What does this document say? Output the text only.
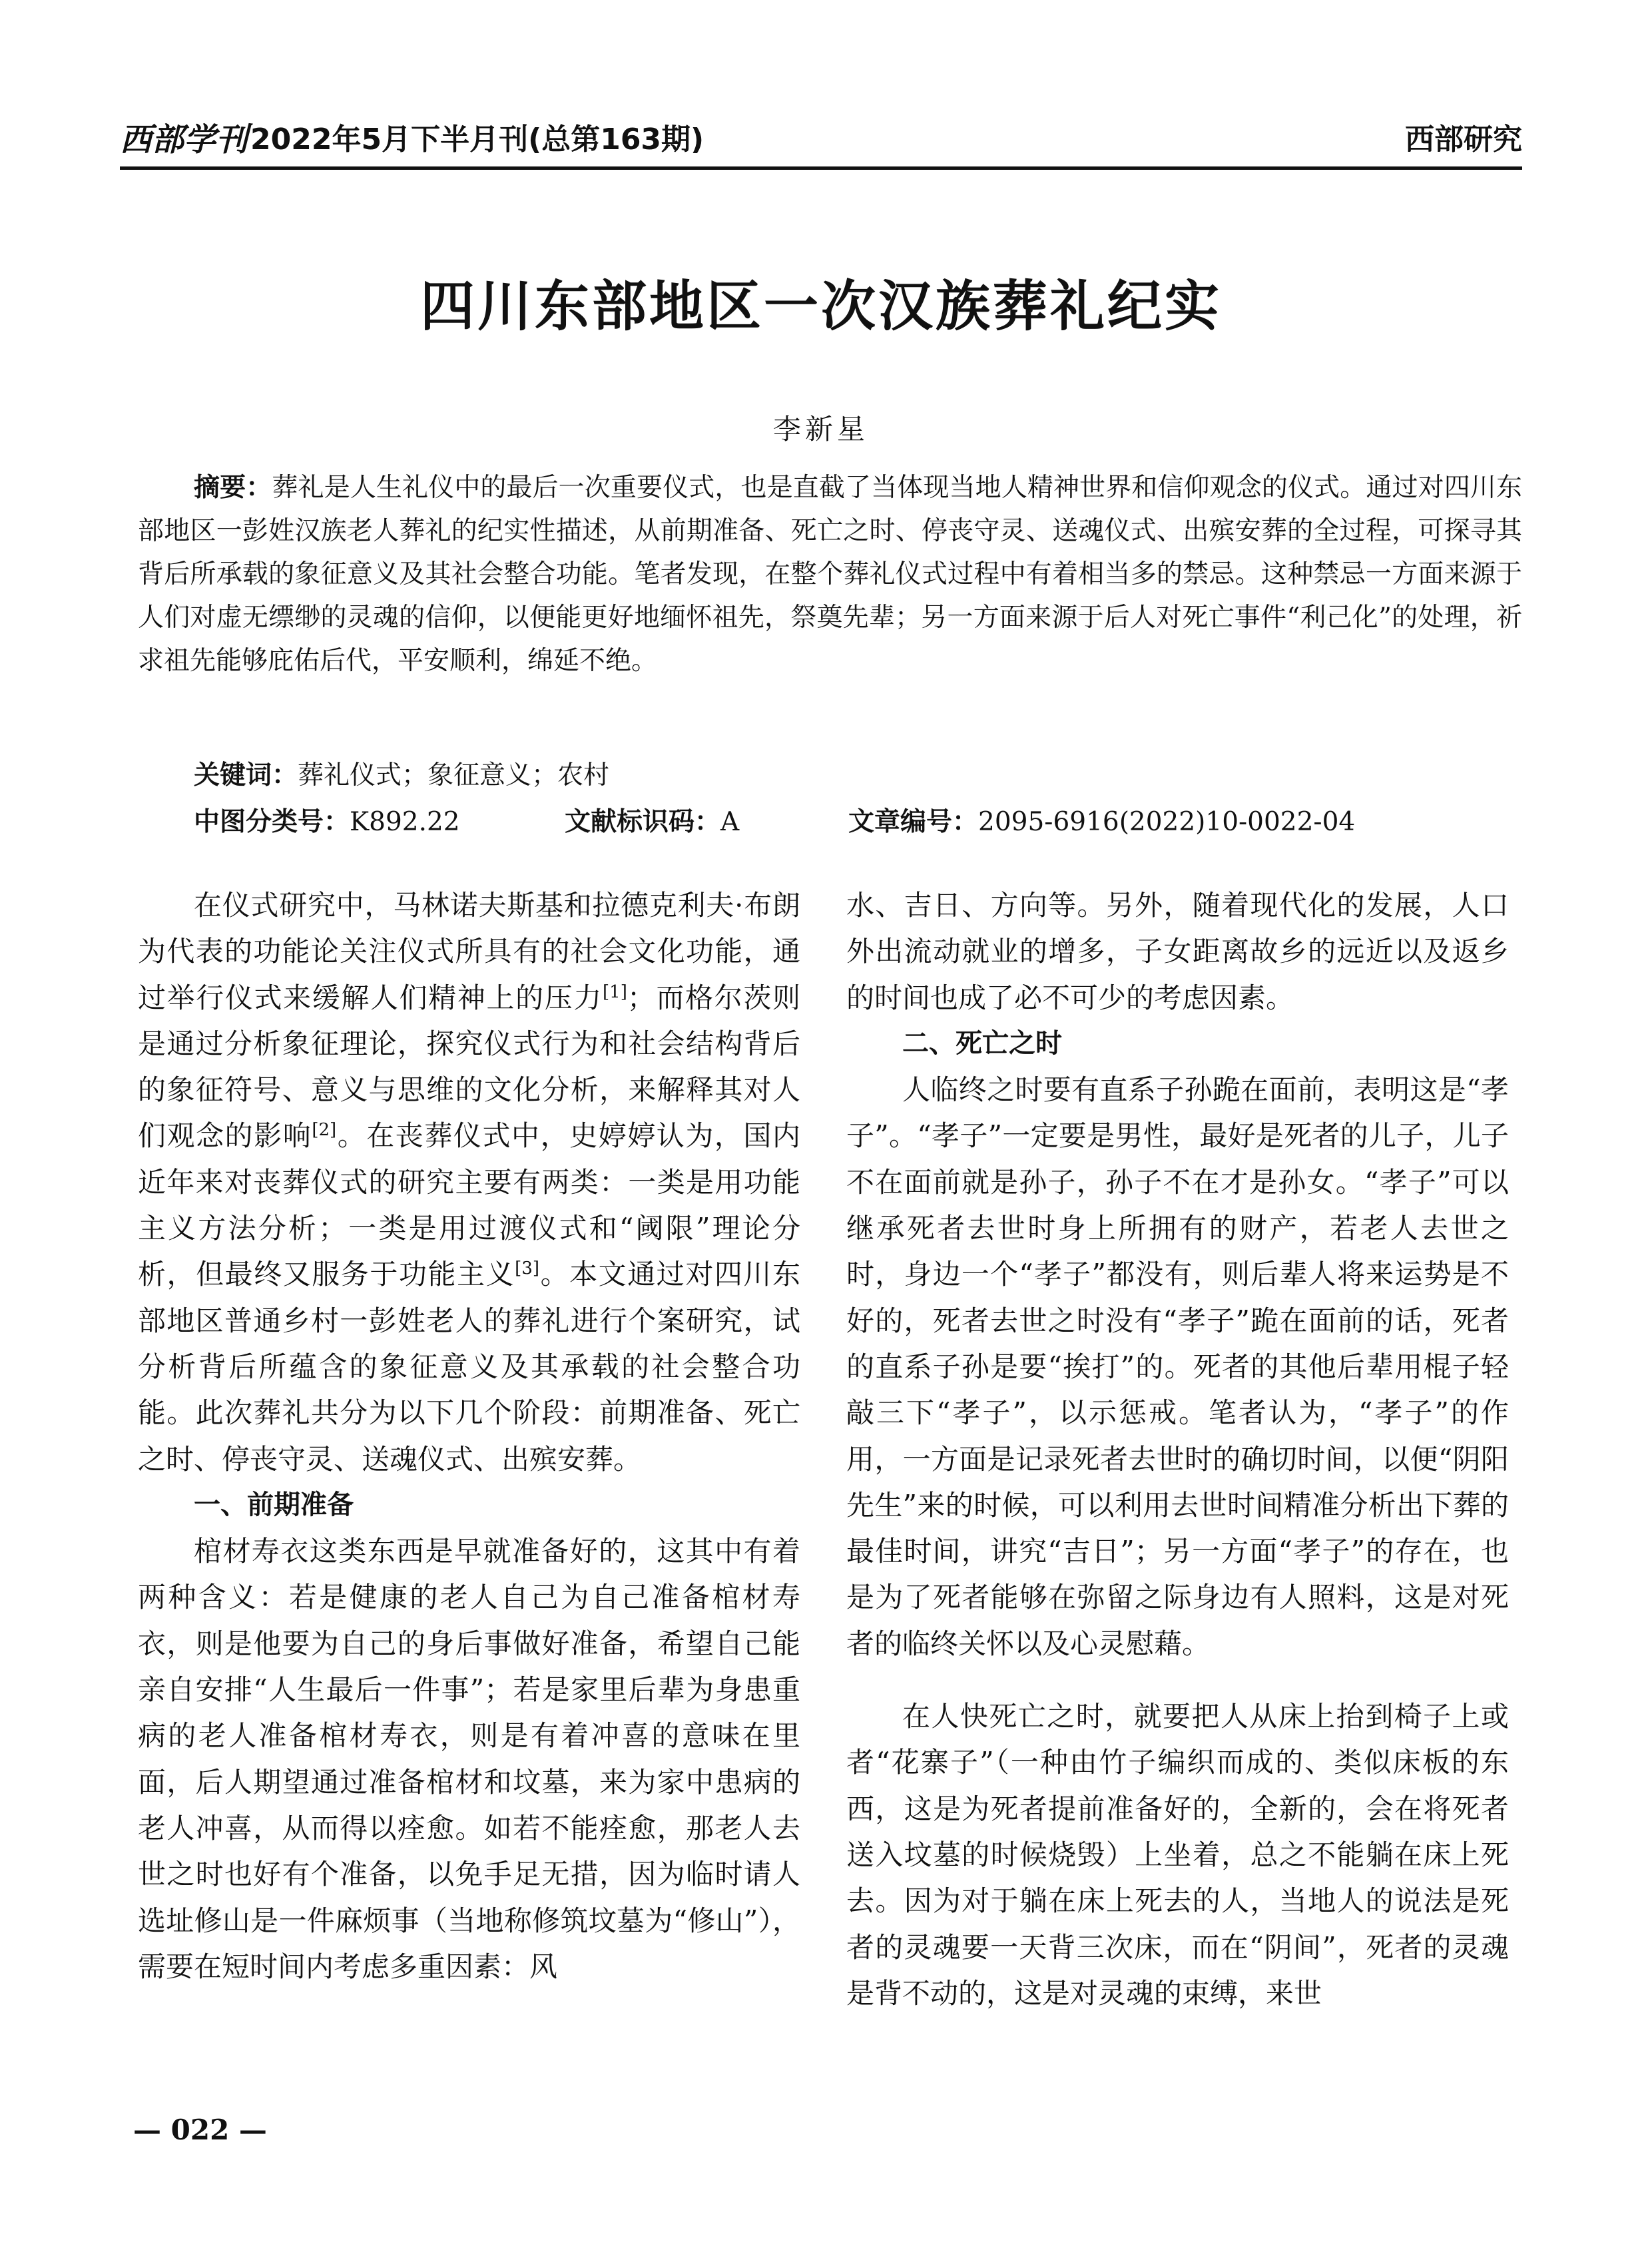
西部学刊 2022年5月下半月刊(总第163期)	西部研究
四川东部地区一次汉族葬礼纪实
李新星

摘要：葬礼是人生礼仪中的最后一次重要仪式，也是直截了当体现当地人精神世界和信仰观念的仪式。通过对四川东部地区一彭姓汉族老人葬礼的纪实性描述，从前期准备、死亡之时、停丧守灵、送魂仪式、出殡安葬的全过程，可探寻其背后所承载的象征意义及其社会整合功能。笔者发现，在整个葬礼仪式过程中有着相当多的禁忌。这种禁忌一方面来源于人们对虚无缥缈的灵魂的信仰，以便能更好地缅怀祖先，祭奠先辈；另一方面来源于后人对死亡事件“利己化”的处理，祈求祖先能够庇佑后代，平安顺利，绵延不绝。

关键词：葬礼仪式；象征意义；农村
中图分类号：K892.22	文献标识码：A	文章编号：2095-6916(2022)10-0022-04

在仪式研究中，马林诺夫斯基和拉德克利夫·布朗为代表的功能论关注仪式所具有的社会文化功能，通过举行仪式来缓解人们精神上的压力[1]；而格尔茨则是通过分析象征理论，探究仪式行为和社会结构背后的象征符号、意义与思维的文化分析，来解释其对人们观念的影响[2]。在丧葬仪式中，史婷婷认为，国内近年来对丧葬仪式的研究主要有两类：一类是用功能主义方法分析；一类是用过渡仪式和“阈限”理论分析，但最终又服务于功能主义[3]。本文通过对四川东部地区普通乡村一彭姓老人的葬礼进行个案研究，试分析背后所蕴含的象征意义及其承载的社会整合功能。此次葬礼共分为以下几个阶段：前期准备、死亡之时、停丧守灵、送魂仪式、出殡安葬。

一、前期准备

棺材寿衣这类东西是早就准备好的，这其中有着两种含义：若是健康的老人自己为自己准备棺材寿衣，则是他要为自己的身后事做好准备，希望自己能亲自安排“人生最后一件事”；若是家里后辈为身患重病的老人准备棺材寿衣，则是有着冲喜的意味在里面，后人期望通过准备棺材和坟墓，来为家中患病的老人冲喜，从而得以痊愈。如若不能痊愈，那老人去世之时也好有个准备，以免手足无措，因为临时请人选址修山是一件麻烦事（当地称修筑坟墓为“修山”），需要在短时间内考虑多重因素：风

水、吉日、方向等。另外，随着现代化的发展，人口外出流动就业的增多，子女距离故乡的远近以及返乡的时间也成了必不可少的考虑因素。

二、死亡之时

人临终之时要有直系子孙跪在面前，表明这是“孝子”。“孝子”一定要是男性，最好是死者的儿子，儿子不在面前就是孙子，孙子不在才是孙女。“孝子”可以继承死者去世时身上所拥有的财产，若老人去世之时，身边一个“孝子”都没有，则后辈人将来运势是不好的，死者去世之时没有“孝子”跪在面前的话，死者的直系子孙是要“挨打”的。死者的其他后辈用棍子轻敲三下“孝子”，以示惩戒。笔者认为，“孝子”的作用，一方面是记录死者去世时的确切时间，以便“阴阳先生”来的时候，可以利用去世时间精准分析出下葬的最佳时间，讲究“吉日”；另一方面“孝子”的存在，也是为了死者能够在弥留之际身边有人照料，这是对死者的临终关怀以及心灵慰藉。

在人快死亡之时，就要把人从床上抬到椅子上或者“花寨子”（一种由竹子编织而成的、类似床板的东西，这是为死者提前准备好的，全新的，会在将死者送入坟墓的时候烧毁）上坐着，总之不能躺在床上死去。因为对于躺在床上死去的人，当地人的说法是死者的灵魂要一天背三次床，而在“阴间”，死者的灵魂是背不动的，这是对灵魂的束缚，来世

— 022 —
